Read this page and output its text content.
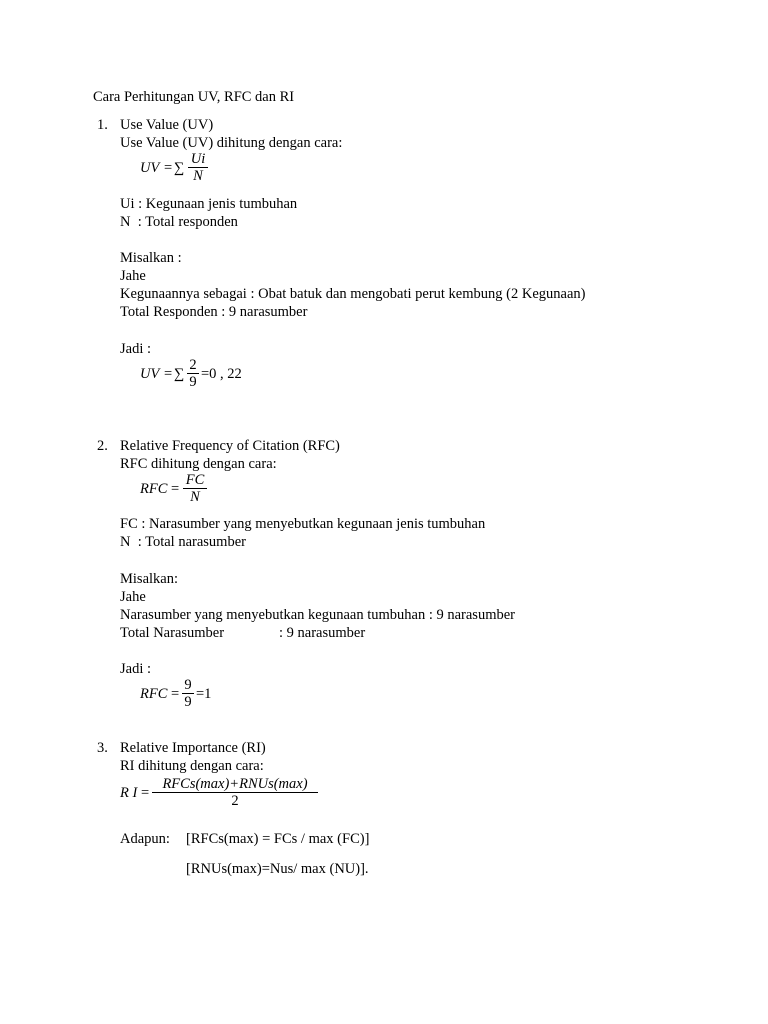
Cara Perhitungan UV, RFC dan RI
1. Use Value (UV)
Use Value (UV) dihitung dengan cara:
UV = ∑
Ui
N
Ui : Kegunaan jenis tumbuhan
N  : Total responden
Misalkan :
Jahe
Kegunaannya sebagai : Obat batuk dan mengobati perut kembung (2 Kegunaan)
Total Responden : 9 narasumber
Jadi :
UV = ∑
2
9 =0 , 22
2. Relative Frequency of Citation (RFC)
RFC dihitung dengan cara:
RFC =
FC
N
FC : Narasumber yang menyebutkan kegunaan jenis tumbuhan
N  : Total narasumber
Misalkan:
Jahe
Narasumber yang menyebutkan kegunaan tumbuhan : 9 narasumber
Total Narasumber	: 9 narasumber
Jadi :
RFC =
9
9 =1
3. Relative Importance (RI)
RI dihitung dengan cara:
R I =
RFCs(max)+RNUs(max)
2
Adapun: [RFCs(max) = FCs / max (FC)]
[RNUs(max)=Nus/ max (NU)].
